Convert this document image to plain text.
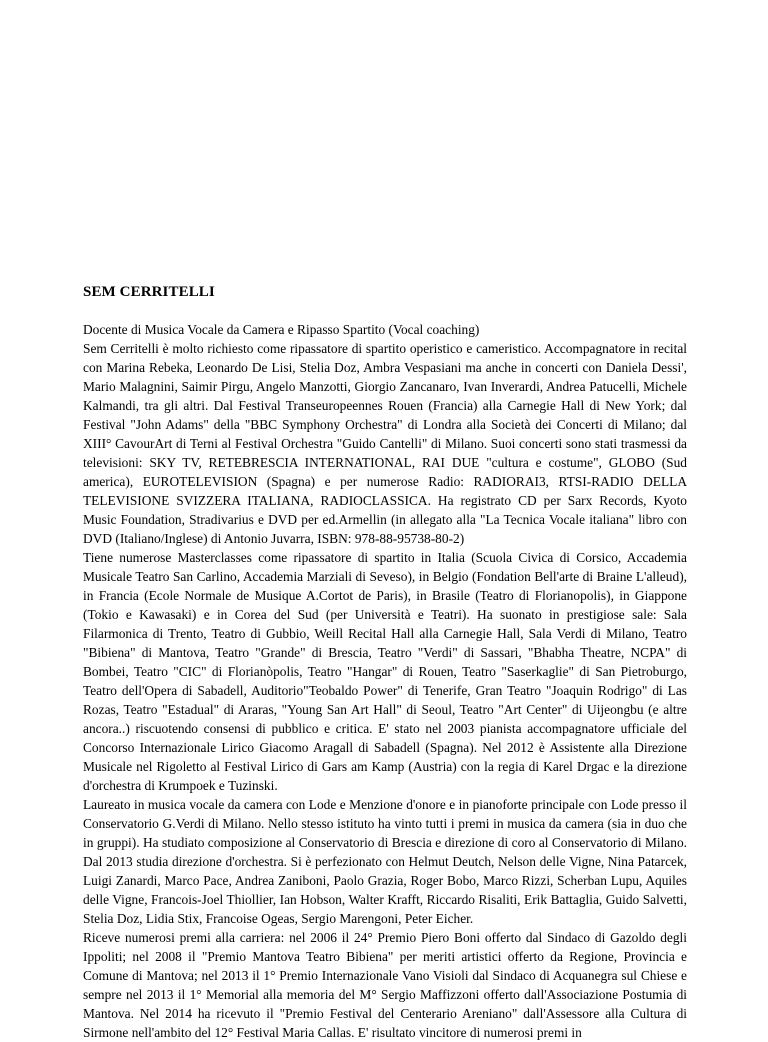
SEM CERRITELLI

Docente di Musica Vocale da Camera e Ripasso Spartito (Vocal coaching)

Sem Cerritelli è molto richiesto come ripassatore di spartito operistico e cameristico. Accompagnatore in recital con Marina Rebeka, Leonardo De Lisi, Stelia Doz, Ambra Vespasiani ma anche in concerti con Daniela Dessi', Mario Malagnini, Saimir Pirgu, Angelo Manzotti, Giorgio Zancanaro, Ivan Inverardi, Andrea Patucelli, Michele Kalmandi, tra gli altri. Dal Festival Transeuropeennes Rouen (Francia) alla Carnegie Hall di New York; dal Festival "John Adams" della "BBC Symphony Orchestra" di Londra alla Società dei Concerti di Milano; dal XIII° CavourArt di Terni al Festival Orchestra "Guido Cantelli" di Milano. Suoi concerti sono stati trasmessi da televisioni: SKY TV, RETEBRESCIA INTERNATIONAL, RAI DUE "cultura e costume", GLOBO (Sud america), EUROTELEVISION (Spagna) e per numerose Radio: RADIORAI3, RTSI-RADIO DELLA TELEVISIONE SVIZZERA ITALIANA, RADIOCLASSICA. Ha registrato CD per Sarx Records, Kyoto Music Foundation, Stradivarius e DVD per ed.Armellin (in allegato alla "La Tecnica Vocale italiana" libro con DVD (Italiano/Inglese) di Antonio Juvarra, ISBN: 978-88-95738-80-2)

Tiene numerose Masterclasses come ripassatore di spartito in Italia (Scuola Civica di Corsico, Accademia Musicale Teatro San Carlino, Accademia Marziali di Seveso), in Belgio (Fondation Bell'arte di Braine L'alleud), in Francia (Ecole Normale de Musique A.Cortot de Paris), in Brasile (Teatro di Florianopolis), in Giappone (Tokio e Kawasaki) e in Corea del Sud (per Università e Teatri). Ha suonato in prestigiose sale: Sala Filarmonica di Trento, Teatro di Gubbio, Weill Recital Hall alla Carnegie Hall, Sala Verdi di Milano, Teatro "Bibiena" di Mantova, Teatro "Grande" di Brescia, Teatro "Verdi" di Sassari, "Bhabha Theatre, NCPA" di Bombei, Teatro "CIC" di Florianòpolis, Teatro "Hangar" di Rouen, Teatro "Saserkaglie" di San Pietroburgo, Teatro dell'Opera di Sabadell, Auditorio"Teobaldo Power" di Tenerife, Gran Teatro "Joaquin Rodrigo" di Las Rozas, Teatro "Estadual" di Araras, "Young San Art Hall" di Seoul, Teatro "Art Center" di Uijeongbu (e altre ancora..) riscuotendo consensi di pubblico e critica. E' stato nel 2003 pianista accompagnatore ufficiale del Concorso Internazionale Lirico Giacomo Aragall di Sabadell (Spagna). Nel 2012 è Assistente alla Direzione Musicale nel Rigoletto al Festival Lirico di Gars am Kamp (Austria) con la regia di Karel Drgac e la direzione d'orchestra di Krumpoek e Tuzinski.

Laureato in musica vocale da camera con Lode e Menzione d'onore e in pianoforte principale con Lode presso il Conservatorio G.Verdi di Milano. Nello stesso istituto ha vinto tutti i premi in musica da camera (sia in duo che in gruppi). Ha studiato composizione al Conservatorio di Brescia e direzione di coro al Conservatorio di Milano. Dal 2013 studia direzione d'orchestra. Si è perfezionato con Helmut Deutch, Nelson delle Vigne, Nina Patarcek, Luigi Zanardi, Marco Pace, Andrea Zaniboni, Paolo Grazia, Roger Bobo, Marco Rizzi, Scherban Lupu, Aquiles delle Vigne, Francois-Joel Thiollier, Ian Hobson, Walter Krafft, Riccardo Risaliti, Erik Battaglia, Guido Salvetti, Stelia Doz, Lidia Stix, Francoise Ogeas, Sergio Marengoni, Peter Eicher.

Riceve numerosi premi alla carriera: nel 2006 il 24° Premio Piero Boni offerto dal Sindaco di Gazoldo degli Ippoliti; nel 2008 il "Premio Mantova Teatro Bibiena" per meriti artistici offerto da Regione, Provincia e Comune di Mantova; nel 2013 il 1° Premio Internazionale Vano Visioli dal Sindaco di Acquanegra sul Chiese e sempre nel 2013 il 1° Memorial alla memoria del M° Sergio Maffizzoni offerto dall'Associazione Postumia di Mantova. Nel 2014 ha ricevuto il "Premio Festival del Centerario Areniano" dall'Assessore alla Cultura di Sirmone nell'ambito del 12° Festival Maria Callas. E' risultato vincitore di numerosi premi in
